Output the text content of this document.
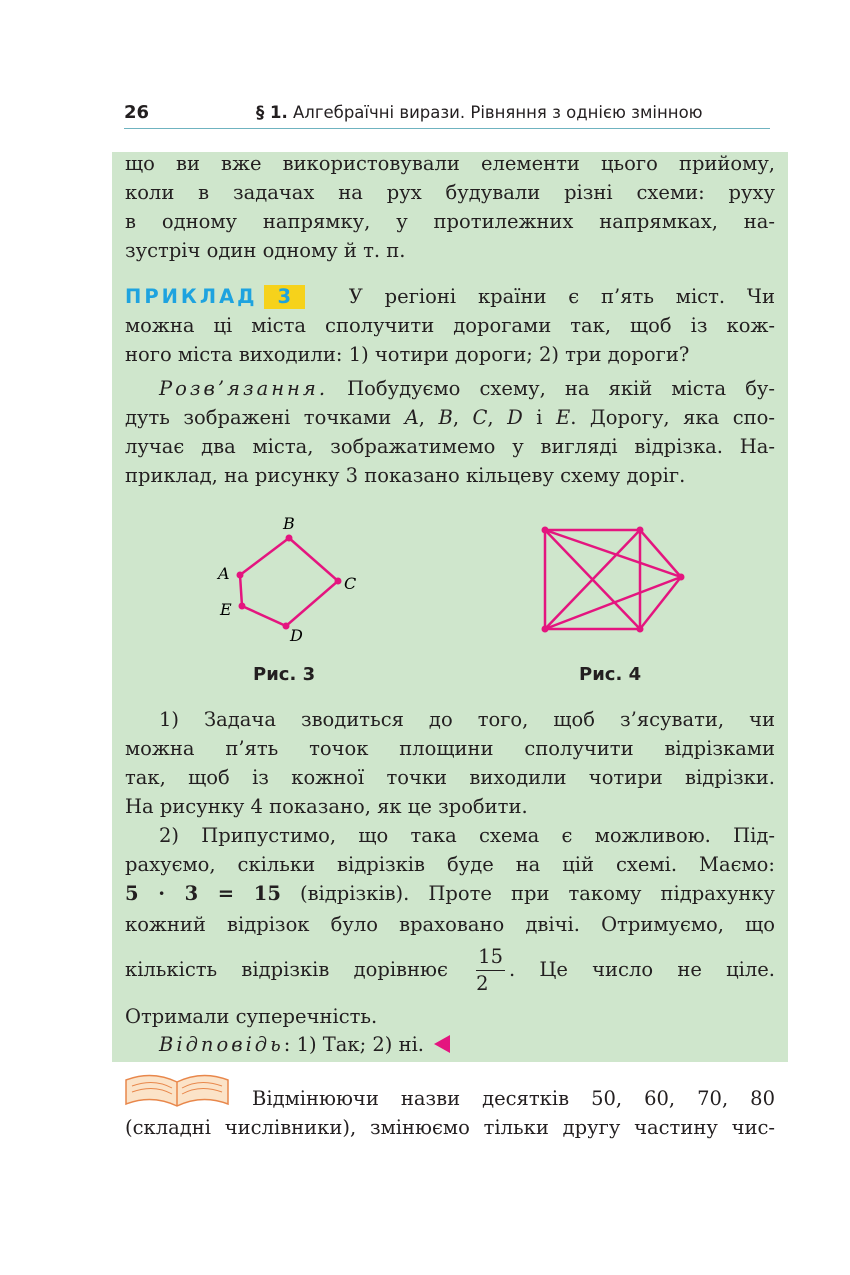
26	§ 1. Алгебраїчні вирази. Рівняння з однією змінною
що ви вже використовували елементи цього прийому,
коли в задачах на рух будували різні схеми: руху
в одному напрямку, у протилежних напрямках, на-
зустріч один одному й т. п.
ПРИКЛАД 3	У регіоні країни є п’ять міст. Чи
можна ці міста сполучити дорогами так, щоб із кож-
ного міста виходили: 1) чотири дороги; 2) три дороги?
Розв’язання. Побудуємо схему, на якій міста бу-
дуть зображені точками A, B, C, D і E. Дорогу, яка спо-
лучає два міста, зображатимемо у вигляді відрізка. На-
приклад, на рисунку 3 показано кільцеву схему доріг.
B
C
D
E
A
Рис. 3	Рис. 4
1) Задача зводиться до того, щоб з’ясувати, чи
можна п’ять точок площини сполучити відрізками
так, щоб із кожної точки виходили чотири відрізки.
На рисунку 4 показано, як це зробити.
2) Припустимо, що така схема є можливою. Під-
рахуємо, скільки відрізків буде на цій схемі. Маємо:
5 · 3 = 15 (відрізків). Проте при такому підрахунку
кожний відрізок було враховано двічі. Отримуємо, що
кількість відрізків дорівнює $\frac{15}{2}$ . Це число не ціле.
Отримали суперечність.
Відповідь: 1) Так; 2) ні.
Відмінюючи назви десятків 50, 60, 70, 80
(складні числівники), змінюємо тільки другу частину чис-
